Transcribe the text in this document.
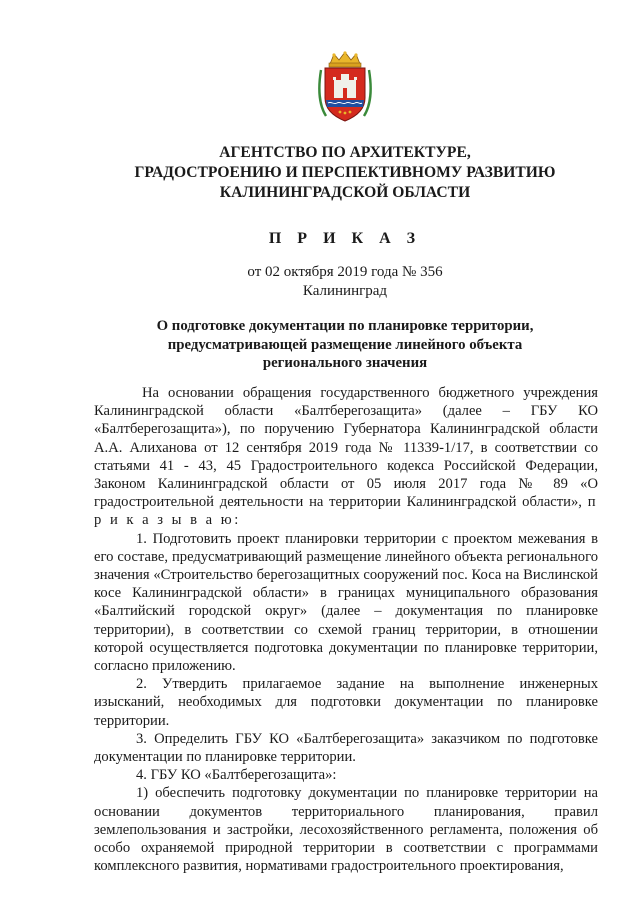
АГЕНТСТВО ПО АРХИТЕКТУРЕ,
ГРАДОСТРОЕНИЮ И ПЕРСПЕКТИВНОМУ РАЗВИТИЮ
КАЛИНИНГРАДСКОЙ ОБЛАСТИ
П Р И К А З
от 02 октября 2019 года № 356
Калининград
О подготовке документации по планировке территории,
предусматривающей размещение линейного объекта
регионального значения

На основании обращения государственного бюджетного учреждения Калининградской области «Балтберегозащита» (далее – ГБУ КО «Балтберегозащита»), по поручению Губернатора Калининградской области А.А. Алиханова от 12 сентября 2019 года № 11339-1/17, в соответствии со статьями 41 - 43, 45 Градостроительного кодекса Российской Федерации, Законом Калининградской области от 05 июля 2017 года № 89 «О градостроительной деятельности на территории Калининградской области», п р и к а з ы в а ю:

1. Подготовить проект планировки территории с проектом межевания в его составе, предусматривающий размещение линейного объекта регионального значения «Строительство берегозащитных сооружений пос. Коса на Вислинской косе Калининградской области» в границах муниципального образования «Балтийский городской округ» (далее – документация по планировке территории), в соответствии со схемой границ территории, в отношении которой осуществляется подготовка документации по планировке территории, согласно приложению.

2. Утвердить прилагаемое задание на выполнение инженерных изысканий, необходимых для подготовки документации по планировке территории.

3. Определить ГБУ КО «Балтберегозащита» заказчиком по подготовке документации по планировке территории.

4. ГБУ КО «Балтберегозащита»:

1) обеспечить подготовку документации по планировке территории на основании документов территориального планирования, правил землепользования и застройки, лесохозяйственного регламента, положения об особо охраняемой природной территории в соответствии с программами комплексного развития, нормативами градостроительного проектирования,
